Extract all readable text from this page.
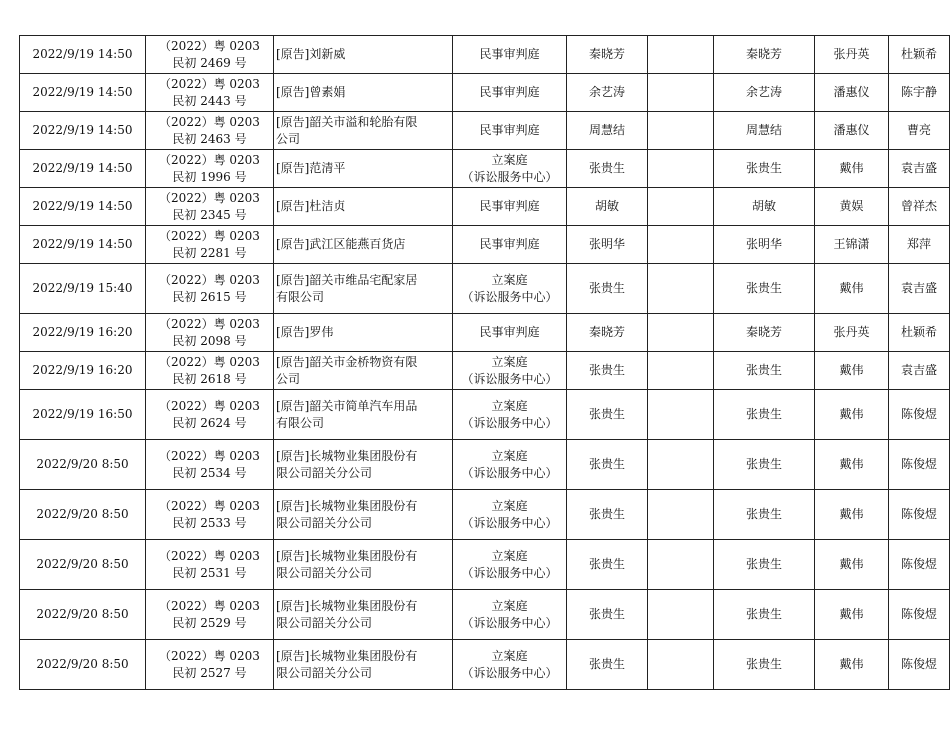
2022/9/19 14:50	（2022）粤 0203
民初 2469 号	[原告]刘新威	民事审判庭	秦晓芳		秦晓芳	张丹英	杜颖希
2022/9/19 14:50	（2022）粤 0203
民初 2443 号	[原告]曾素娟	民事审判庭	余艺涛		余艺涛	潘惠仪	陈宇静
2022/9/19 14:50	（2022）粤 0203
民初 2463 号	[原告]韶关市溢和轮胎有限
公司	民事审判庭	周慧结		周慧结	潘惠仪	曹亮
2022/9/19 14:50	（2022）粤 0203
民初 1996 号	[原告]范清平	立案庭
（诉讼服务中心）	张贵生		张贵生	戴伟	袁吉盛
2022/9/19 14:50	（2022）粤 0203
民初 2345 号	[原告]杜洁贞	民事审判庭	胡敏		胡敏	黄娱	曾祥杰
2022/9/19 14:50	（2022）粤 0203
民初 2281 号	[原告]武江区能燕百货店	民事审判庭	张明华		张明华	王锦潇	郑萍
2022/9/19 15:40	（2022）粤 0203
民初 2615 号	[原告]韶关市维品宅配家居
有限公司	立案庭
（诉讼服务中心）	张贵生		张贵生	戴伟	袁吉盛
2022/9/19 16:20	（2022）粤 0203
民初 2098 号	[原告]罗伟	民事审判庭	秦晓芳		秦晓芳	张丹英	杜颖希
2022/9/19 16:20	（2022）粤 0203
民初 2618 号	[原告]韶关市金桥物资有限
公司	立案庭
（诉讼服务中心）	张贵生		张贵生	戴伟	袁吉盛
2022/9/19 16:50	（2022）粤 0203
民初 2624 号	[原告]韶关市简单汽车用品
有限公司	立案庭
（诉讼服务中心）	张贵生		张贵生	戴伟	陈俊煜
2022/9/20 8:50	（2022）粤 0203
民初 2534 号	[原告]长城物业集团股份有
限公司韶关分公司	立案庭
（诉讼服务中心）	张贵生		张贵生	戴伟	陈俊煜
2022/9/20 8:50	（2022）粤 0203
民初 2533 号	[原告]长城物业集团股份有
限公司韶关分公司	立案庭
（诉讼服务中心）	张贵生		张贵生	戴伟	陈俊煜
2022/9/20 8:50	（2022）粤 0203
民初 2531 号	[原告]长城物业集团股份有
限公司韶关分公司	立案庭
（诉讼服务中心）	张贵生		张贵生	戴伟	陈俊煜
2022/9/20 8:50	（2022）粤 0203
民初 2529 号	[原告]长城物业集团股份有
限公司韶关分公司	立案庭
（诉讼服务中心）	张贵生		张贵生	戴伟	陈俊煜
2022/9/20 8:50	（2022）粤 0203
民初 2527 号	[原告]长城物业集团股份有
限公司韶关分公司	立案庭
（诉讼服务中心）	张贵生		张贵生	戴伟	陈俊煜
